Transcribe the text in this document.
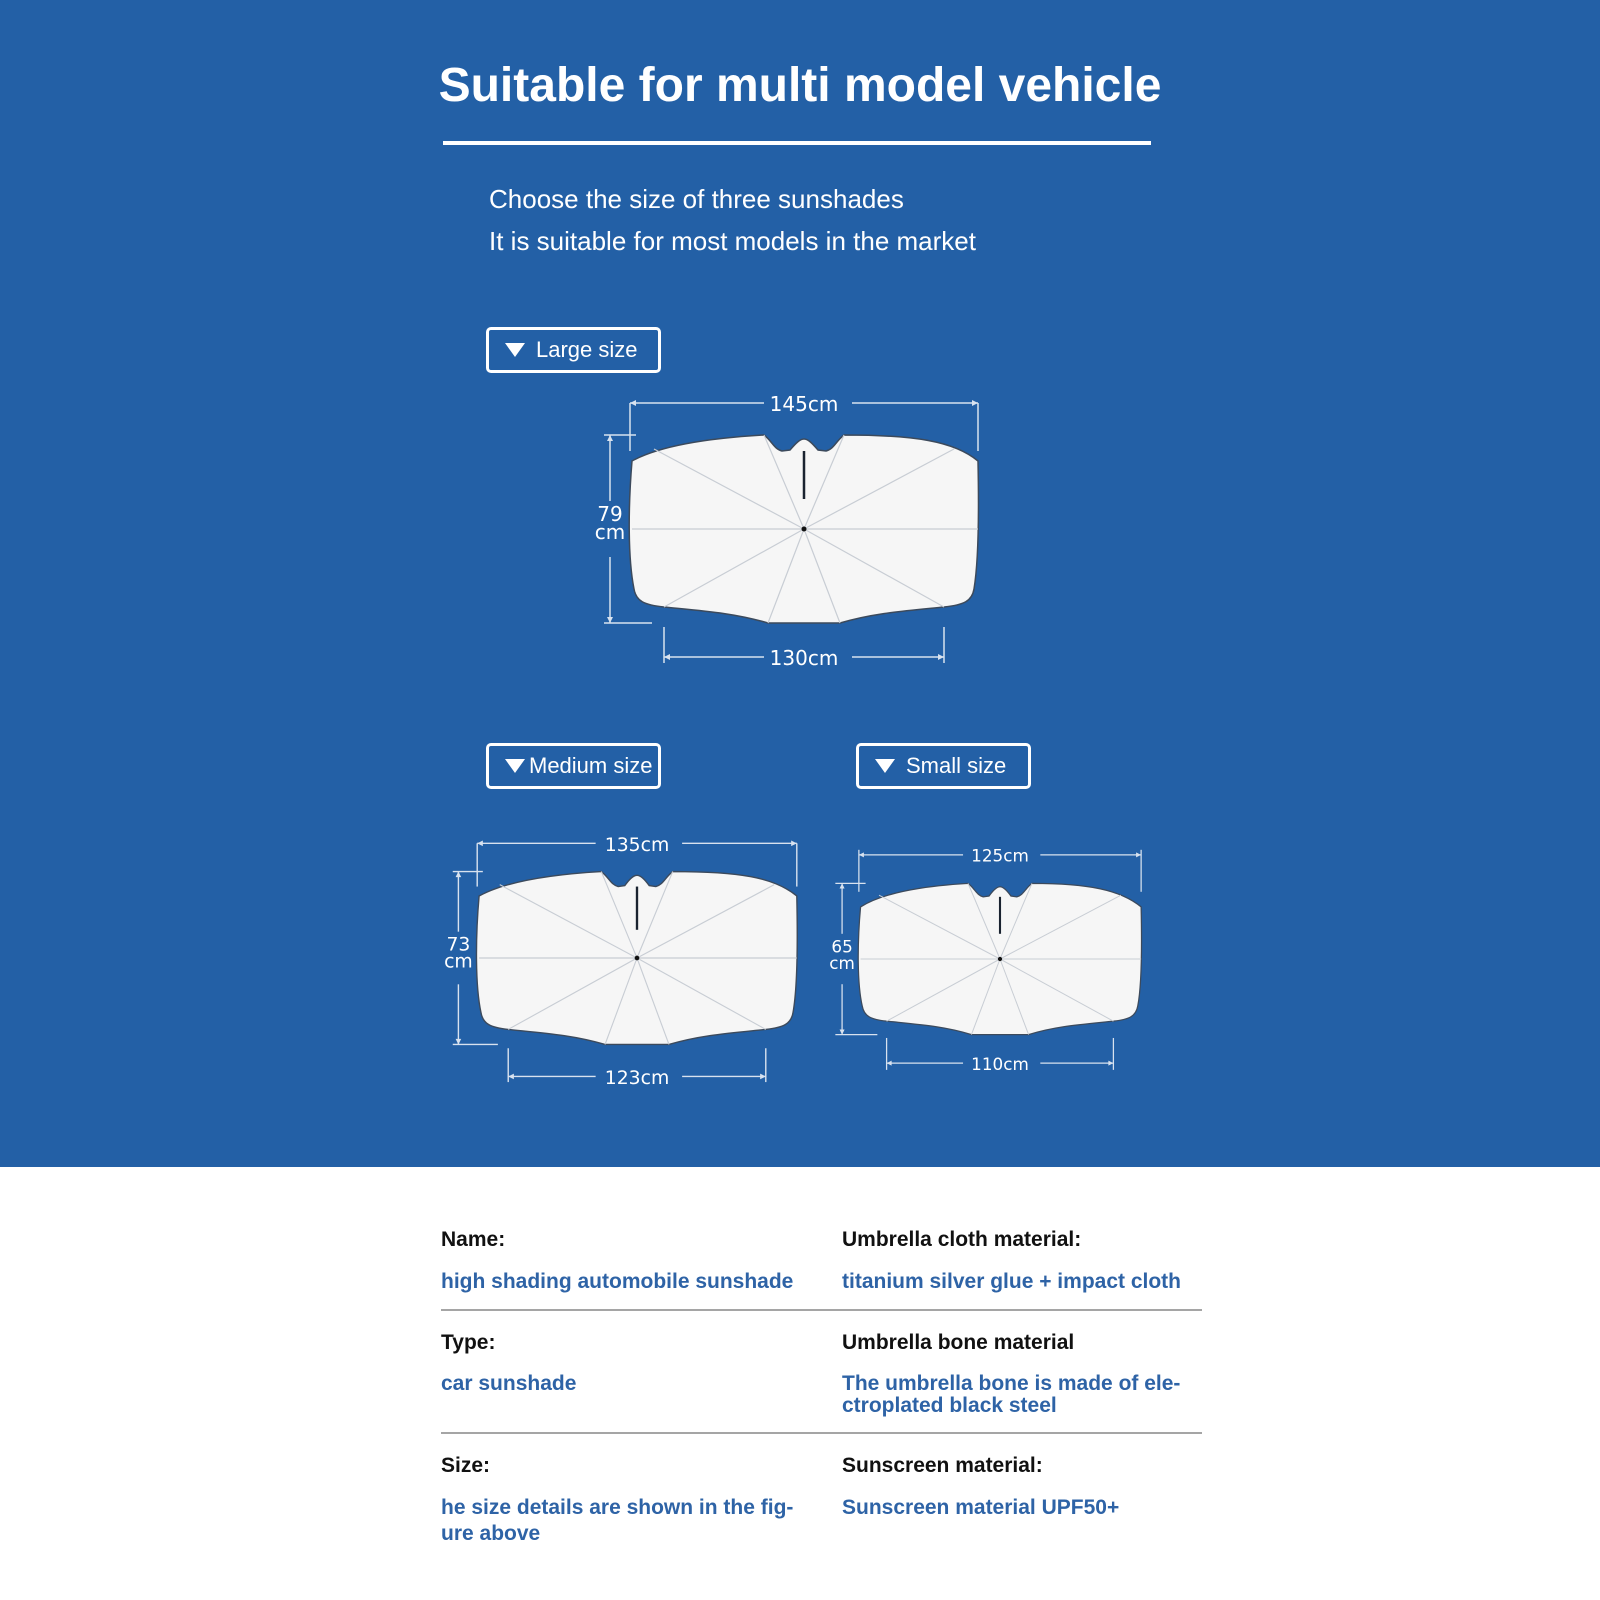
Suitable for multi model vehicle
Choose the size of three sunshades
It is suitable for most models in the market
Large size
Medium size	Small size
145cm
130cm
79
cm
135cm
123cm
73
cm
125cm
110cm
65
cm
Name:
high shading automobile sunshade
Umbrella cloth material:
titanium silver glue + impact cloth
Type:
car sunshade
Umbrella bone material
The umbrella bone is made of ele-
ctroplated black steel
Size:
he size details are shown in the fig-
ure above
Sunscreen material:
Sunscreen material UPF50+
